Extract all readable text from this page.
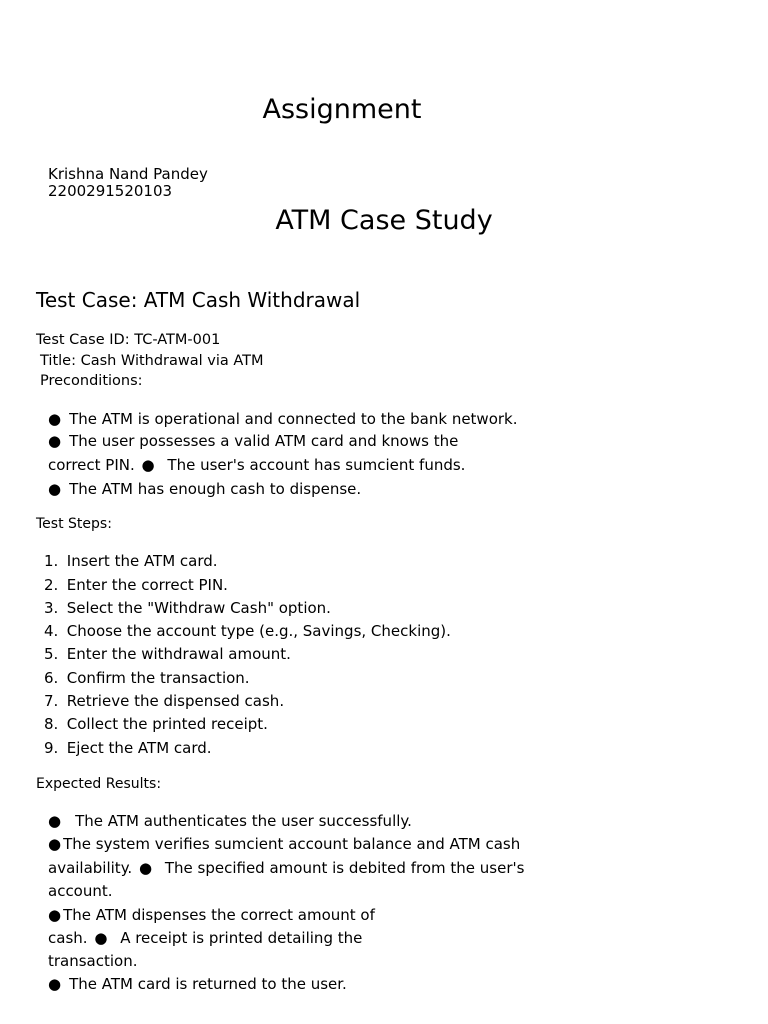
Assignment
Krishna Nand Pandey
2200291520103
ATM Case Study
Test Case: ATM Cash Withdrawal
Test Case ID: TC-ATM-001
Title: Cash Withdrawal via ATM
Preconditions:
● The ATM is operational and connected to the bank network.
● The user possesses a valid ATM card and knows the
correct PIN. ● The user's account has sumcient funds.
● The ATM has enough cash to dispense.
Test Steps:
1. Insert the ATM card.
2. Enter the correct PIN.
3. Select the "Withdraw Cash" option.
4. Choose the account type (e.g., Savings, Checking).
5. Enter the withdrawal amount.
6. Confirm the transaction.
7. Retrieve the dispensed cash.
8. Collect the printed receipt.
9. Eject the ATM card.
Expected Results:
● The ATM authenticates the user successfully.
● The system verifies sumcient account balance and ATM cash
availability. ● The specified amount is debited from the user's
account.
● The ATM dispenses the correct amount of
cash. ● A receipt is printed detailing the
transaction.
● The ATM card is returned to the user.
